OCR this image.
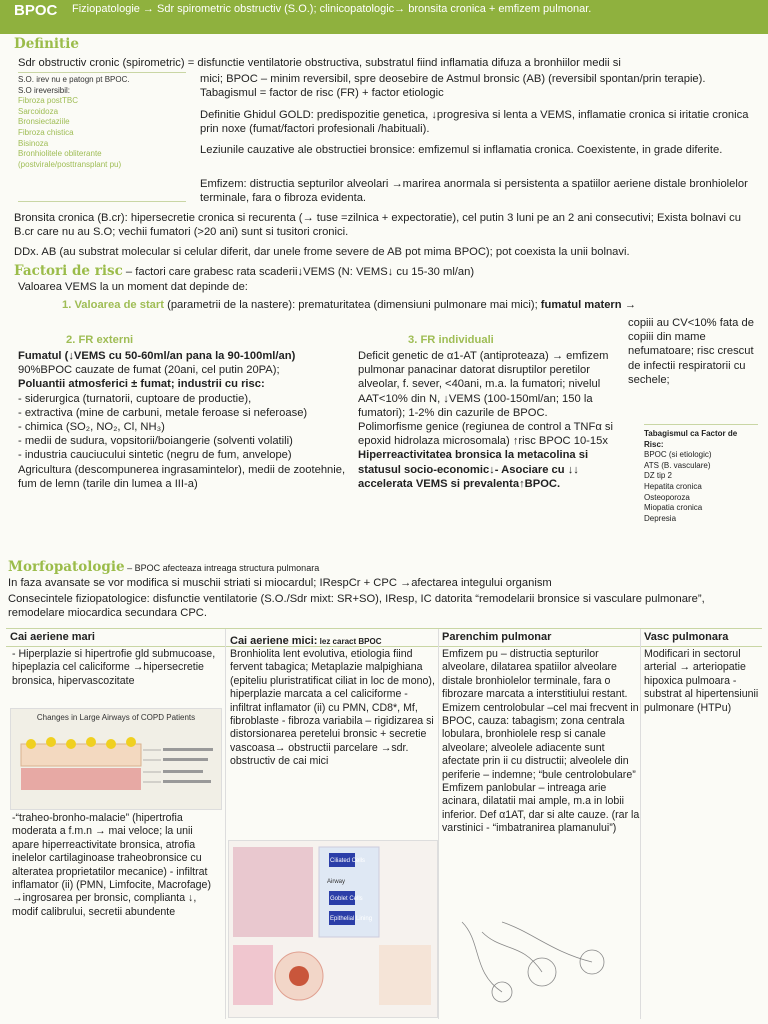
BPOC Fiziopatologie → Sdr spirometric obstructiv (S.O.); clinicopatologic→ bronsita cronica + emfizem pulmonar.
Definitie

Sdr obstructiv cronic (spirometric) = disfunctie ventilatorie obstructiva, substratul fiind inflamatia difuza a bronhiilor medii si

S.O. irev nu e patogn pt BPOC.
S.O ireversibil:
Fibroza postTBC
Sarcoidoza
Bronsiectaziile
Fibroza chistica
Bisinoza
Bronhiolitele obliterante
(postvirale/posttransplant pu)

mici; BPOC – minim reversibil, spre deosebire de Astmul bronsic (AB) (reversibil spontan/prin terapie). Tabagismul = factor de risc (FR) + factor etiologic

Definitie Ghidul GOLD: predispozitie genetica, ↓progresiva si lenta a VEMS, inflamatie cronica si iritatie cronica prin noxe (fumat/factori profesionali /habituali).

Leziunile cauzative ale obstructiei bronsice: emfizemul si inflamatia cronica. Coexistente, in grade diferite.

Emfizem: distructia septurilor alveolari →marirea anormala si persistenta a spatiilor aeriene distale bronhiolelor terminale, fara o fibroza evidenta.

Bronsita cronica (B.cr): hipersecretie cronica si recurenta (→ tuse =zilnica + expectoratie), cel putin 3 luni pe an 2 ani consecutivi; Exista bolnavi cu B.cr care nu au S.O; vechii fumatori (>20 ani) sunt si tusitori cronici.

DDx. AB (au substrat molecular si celular diferit, dar unele frome severe de AB pot mima BPOC); pot coexista la unii bolnavi.

Factori de risc – factori care grabesc rata scaderii↓VEMS (N: VEMS↓ cu 15-30 ml/an)

Valoarea VEMS la un moment dat depinde de:

1. Valoarea de start (parametrii de la nastere): prematuritatea (dimensiuni pulmonare mai mici); fumatul matern →

copiii au CV<10% fata de copiii din mame nefumatoare; risc crescut de infectii respiratorii cu sechele;

Tabagismul ca Factor de Risc:
BPOC (si etiologic)
ATS (B. vasculare)
DZ tip 2
Hepatita cronica
Osteoporoza
Miopatia cronica
Depresia
2. FR externi
Fumatul (↓VEMS cu 50-60ml/an pana la 90-100ml/an)
90%BPOC cauzate de fumat (20ani, cel putin 20PA);
Poluantii atmosferici ± fumat; industrii cu risc:
- siderurgica (turnatorii, cuptoare de productie),
- extractiva (mine de carbuni, metale feroase si neferoase)
- chimica (SO₂, NO₂, Cl, NH₃)
- medii de sudura, vopsitorii/boiangerie (solventi volatili)
- industria cauciucului sintetic (negru de fum, anvelope)
Agricultura (descompunerea ingrasamintelor), medii de zootehnie, fum de lemn (tarile din lumea a III-a)
3. FR individuali

Deficit genetic de α1-AT (antiproteaza) → emfizem pulmonar panacinar datorat disruptilor peretilor alveolar, f. sever, <40ani, m.a. la fumatori; nivelul AAT<10% din N, ↓VEMS (100-150ml/an; 150 la fumatori); 1-2% din cazurile de BPOC.

Polimorfisme genice (regiunea de control a TNFα si epoxid hidrolaza microsomala) ↑risc BPOC 10-15x

Hiperreactivitatea bronsica la metacolina si statusul socio-economic↓- Asociare cu ↓↓ accelerata VEMS si prevalenta↑BPOC.

Morfopatologie – BPOC afecteaza intreaga structura pulmonara

In faza avansate se vor modifica si muschii striati si miocardul; IRespCr + CPC →afectarea integului organism

Consecintele fiziopatologice: disfunctie ventilatorie (S.O./Sdr mixt: SR+SO), IResp, IC datorita “remodelarii bronsice si vasculare pulmonare”, remodelare miocardica secundara CPC.

Cai aeriene mari

- Hiperplazie si hipertrofie gld submucoase, hipeplazia cel caliciforme →hipersecretie bronsica, hipervascozitate

Changes in Large Airways of COPD Patients

-“traheo-bronho-malacie” (hipertrofia moderata a f.m.n → mai veloce; la unii apare hiperreactivitate bronsica, atrofia inelelor cartilaginoase traheobronsice cu alteratea proprietatilor mecanice) - infiltrat inflamator (ii) (PMN, Limfocite, Macrofage) →ingrosarea per bronsic, complianta ↓, modif calibrului, secretii abundente

Cai aeriene mici: lez caract BPOC

Bronhiolita lent evolutiva, etiologia fiind fervent tabagica; Metaplazie malpighiana (epiteliu pluristratificat ciliat in loc de mono), hiperplazie marcata a cel caliciforme - infiltrat inflamator (ii) cu PMN, CD8*, Mf, fibroblaste - fibroza variabila – rigidizarea si distorsionarea peretelui bronsic + secretie vascoasa→ obstructii parcelare →sdr. obstructiv de cai mici

Ciliated Cells
Airway
Goblet Cells
Epithelial Lining
Parenchim pulmonar

Emfizem pu – distructia septurilor alveolare, dilatarea spatiilor alveolare distale bronhiolelor terminale, fara o fibrozare marcata a interstitiului restant. Emizem centrolobular –cel mai frecvent in BPOC, cauza: tabagism; zona centrala lobulara, bronhiolele resp si canale alveolare; alveolele adiacente sunt afectate prin ii cu distructii; alveolele din periferie – indemne; “bule centrolobulare” Emfizem panlobular – intreaga arie acinara, dilatatii mai ample, m.a in lobii inferior. Def α1AT, dar si alte cauze. (rar la varstinici - “imbatranirea plamanului”)

Vasc pulmonara

Modificari in sectorul arterial → arteriopatie hipoxica pulmoara - substrat al hipertensiunii pulmonare (HTPu)
